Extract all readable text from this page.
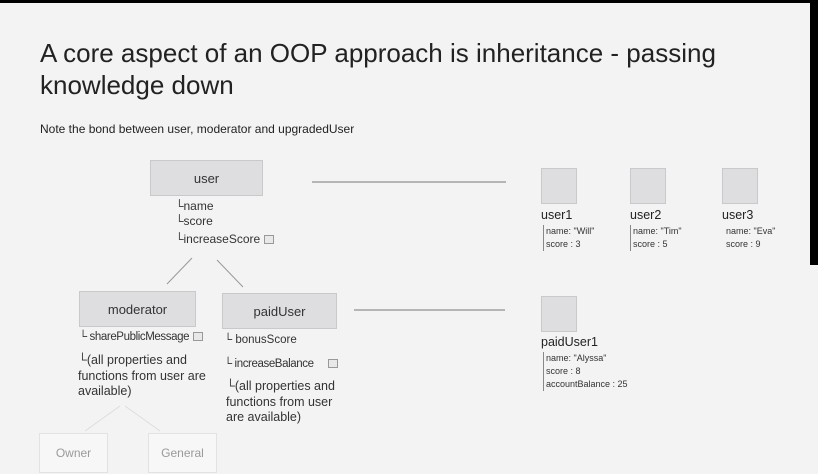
A core aspect of an OOP approach is inheritance - passing knowledge down
Note the bond between user, moderator and upgradedUser
user
└name
└score
└increaseScore
moderator
└ sharePublicMessage
└(all properties and functions from user are available)
paidUser
└ bonusScore
└ increaseBalance
└(all properties and functions from user are available)
user1
name: "Will"
score : 3
user2
name: "Tim"
score : 5
user3
name: "Eva"
score : 9
paidUser1
name: "Alyssa"
score : 8
accountBalance : 25
Owner	General
